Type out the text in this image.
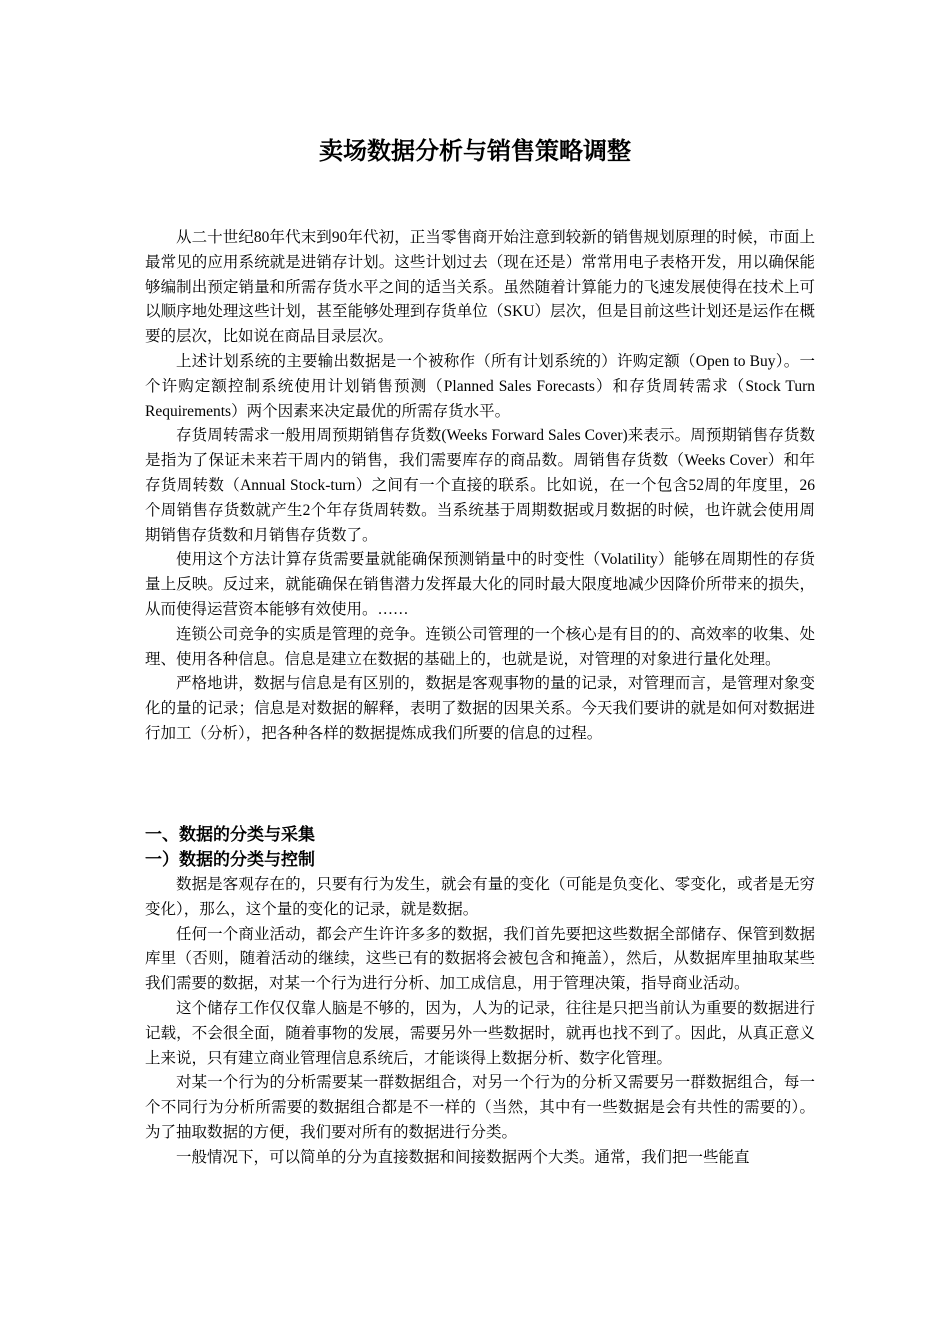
卖场数据分析与销售策略调整

从二十世纪80年代末到90年代初，正当零售商开始注意到较新的销售规划原理的时候，市面上最常见的应用系统就是进销存计划。这些计划过去（现在还是）常常用电子表格开发，用以确保能够编制出预定销量和所需存货水平之间的适当关系。虽然随着计算能力的飞速发展使得在技术上可以顺序地处理这些计划，甚至能够处理到存货单位（SKU）层次，但是目前这些计划还是运作在概要的层次，比如说在商品目录层次。

上述计划系统的主要输出数据是一个被称作（所有计划系统的）许购定额（Open to Buy）。一个许购定额控制系统使用计划销售预测（Planned Sales Forecasts）和存货周转需求（Stock Turn Requirements）两个因素来决定最优的所需存货水平。

存货周转需求一般用周预期销售存货数(Weeks Forward Sales Cover)来表示。周预期销售存货数是指为了保证未来若干周内的销售，我们需要库存的商品数。周销售存货数（Weeks Cover）和年存货周转数（Annual Stock-turn）之间有一个直接的联系。比如说，在一个包含52周的年度里，26个周销售存货数就产生2个年存货周转数。当系统基于周期数据或月数据的时候，也许就会使用周期销售存货数和月销售存货数了。

使用这个方法计算存货需要量就能确保预测销量中的时变性（Volatility）能够在周期性的存货量上反映。反过来，就能确保在销售潜力发挥最大化的同时最大限度地减少因降价所带来的损失，从而使得运营资本能够有效使用。……

连锁公司竞争的实质是管理的竞争。连锁公司管理的一个核心是有目的的、高效率的收集、处理、使用各种信息。信息是建立在数据的基础上的，也就是说，对管理的对象进行量化处理。

严格地讲，数据与信息是有区别的，数据是客观事物的量的记录，对管理而言，是管理对象变化的量的记录；信息是对数据的解释，表明了数据的因果关系。今天我们要讲的就是如何对数据进行加工（分析），把各种各样的数据提炼成我们所要的信息的过程。

一、数据的分类与采集
一）数据的分类与控制

数据是客观存在的，只要有行为发生，就会有量的变化（可能是负变化、零变化，或者是无穷变化），那么，这个量的变化的记录，就是数据。

任何一个商业活动，都会产生许许多多的数据，我们首先要把这些数据全部储存、保管到数据库里（否则，随着活动的继续，这些已有的数据将会被包含和掩盖），然后，从数据库里抽取某些我们需要的数据，对某一个行为进行分析、加工成信息，用于管理决策，指导商业活动。

这个储存工作仅仅靠人脑是不够的，因为，人为的记录，往往是只把当前认为重要的数据进行记载，不会很全面，随着事物的发展，需要另外一些数据时，就再也找不到了。因此，从真正意义上来说，只有建立商业管理信息系统后，才能谈得上数据分析、数字化管理。

对某一个行为的分析需要某一群数据组合，对另一个行为的分析又需要另一群数据组合，每一个不同行为分析所需要的数据组合都是不一样的（当然，其中有一些数据是会有共性的需要的）。为了抽取数据的方便，我们要对所有的数据进行分类。

一般情况下，可以简单的分为直接数据和间接数据两个大类。通常，我们把一些能直
